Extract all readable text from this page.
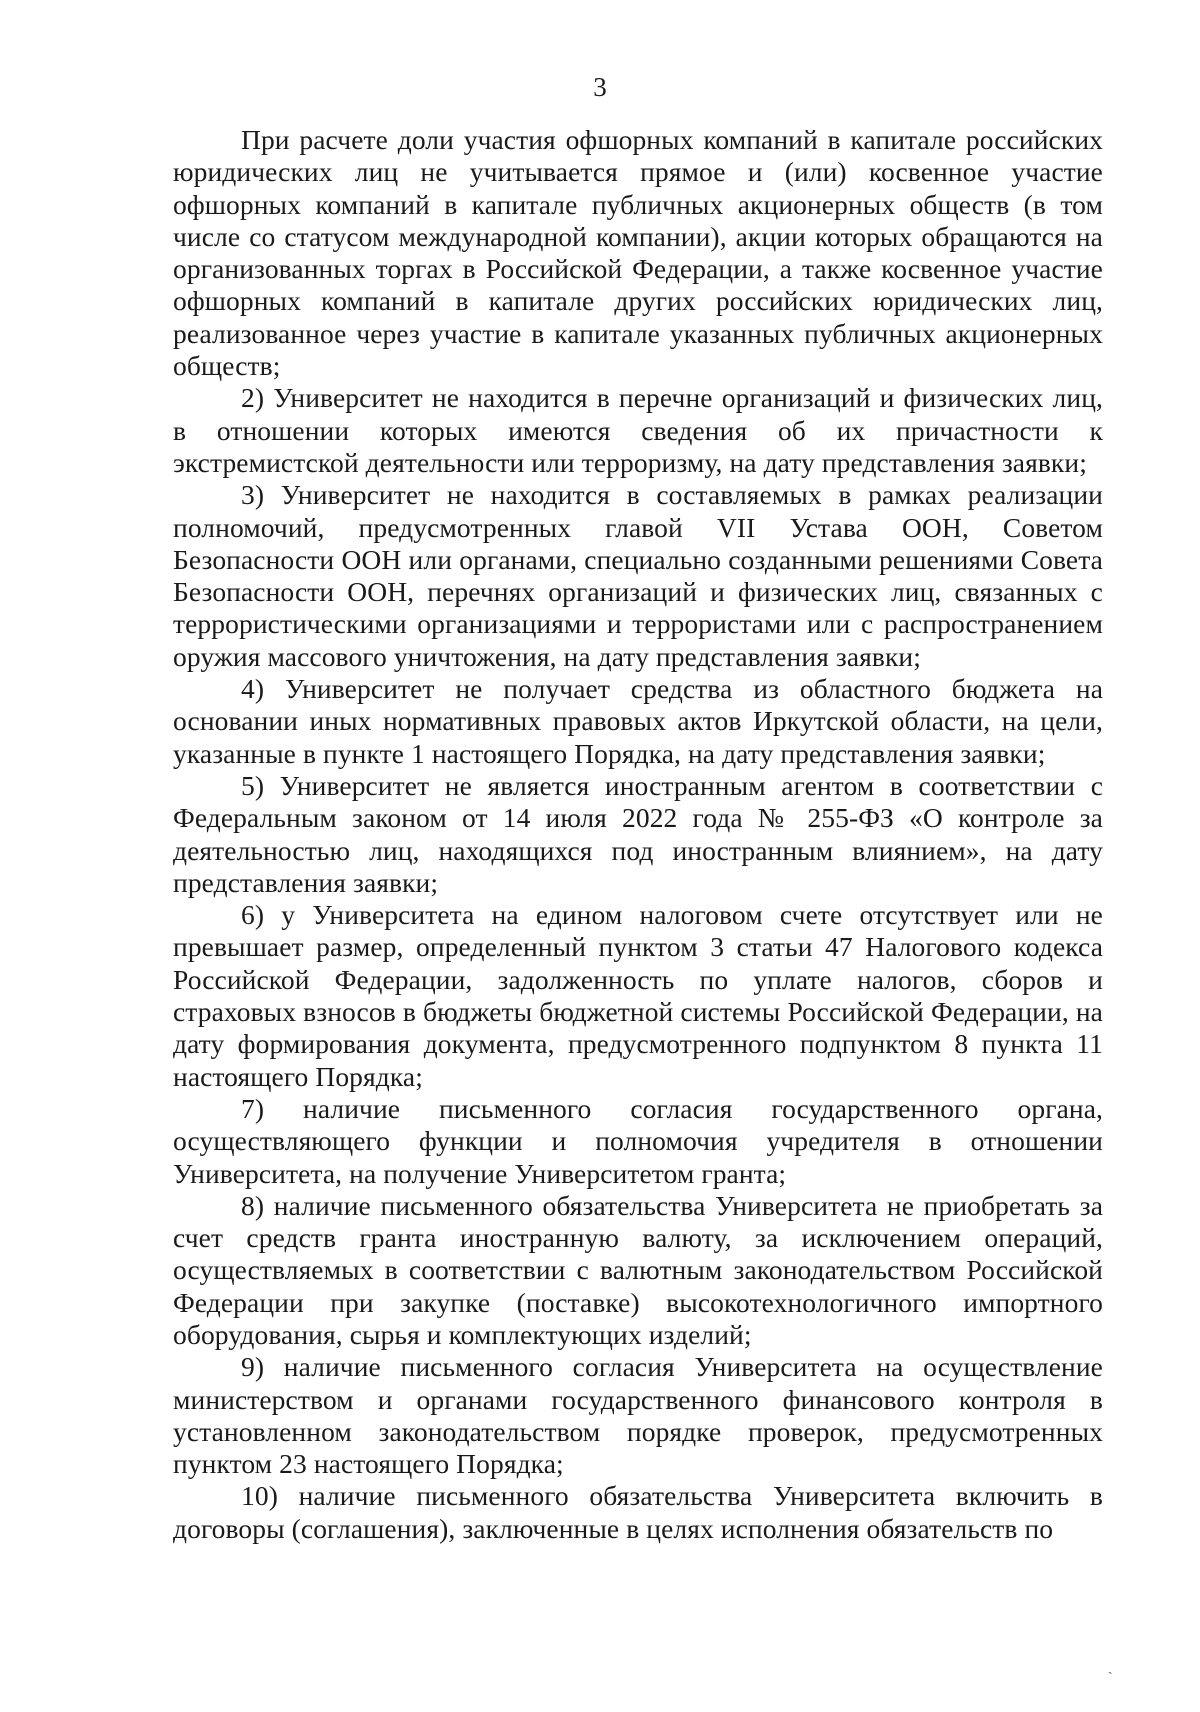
3

При расчете доли участия офшорных компаний в капитале российских юридических лиц не учитывается прямое и (или) косвенное участие офшорных компаний в капитале публичных акционерных обществ (в том числе со статусом международной компании), акции которых обращаются на организованных торгах в Российской Федерации, а также косвенное участие офшорных компаний в капитале других российских юридических лиц, реализованное через участие в капитале указанных публичных акционерных обществ;

2) Университет не находится в перечне организаций и физических лиц, в отношении которых имеются сведения об их причастности к экстремистской деятельности или терроризму, на дату представления заявки;

3) Университет не находится в составляемых в рамках реализации полномочий, предусмотренных главой VII Устава ООН, Советом Безопасности ООН или органами, специально созданными решениями Совета Безопасности ООН, перечнях организаций и физических лиц, связанных с террористическими организациями и террористами или с распространением оружия массового уничтожения, на дату представления заявки;

4) Университет не получает средства из областного бюджета на основании иных нормативных правовых актов Иркутской области, на цели, указанные в пункте 1 настоящего Порядка, на дату представления заявки;

5) Университет не является иностранным агентом в соответствии с Федеральным законом от 14 июля 2022 года № 255-ФЗ «О контроле за деятельностью лиц, находящихся под иностранным влиянием», на дату представления заявки;

6) у Университета на едином налоговом счете отсутствует или не превышает размер, определенный пунктом 3 статьи 47 Налогового кодекса Российской Федерации, задолженность по уплате налогов, сборов и страховых взносов в бюджеты бюджетной системы Российской Федерации, на дату формирования документа, предусмотренного подпунктом 8 пункта 11 настоящего Порядка;

7) наличие письменного согласия государственного органа, осуществляющего функции и полномочия учредителя в отношении Университета, на получение Университетом гранта;

8) наличие письменного обязательства Университета не приобретать за счет средств гранта иностранную валюту, за исключением операций, осуществляемых в соответствии с валютным законодательством Российской Федерации при закупке (поставке) высокотехнологичного импортного оборудования, сырья и комплектующих изделий;

9) наличие письменного согласия Университета на осуществление министерством и органами государственного финансового контроля в установленном законодательством порядке проверок, предусмотренных пунктом 23 настоящего Порядка;

10) наличие письменного обязательства Университета включить в договоры (соглашения), заключенные в целях исполнения обязательств по

ˎ
